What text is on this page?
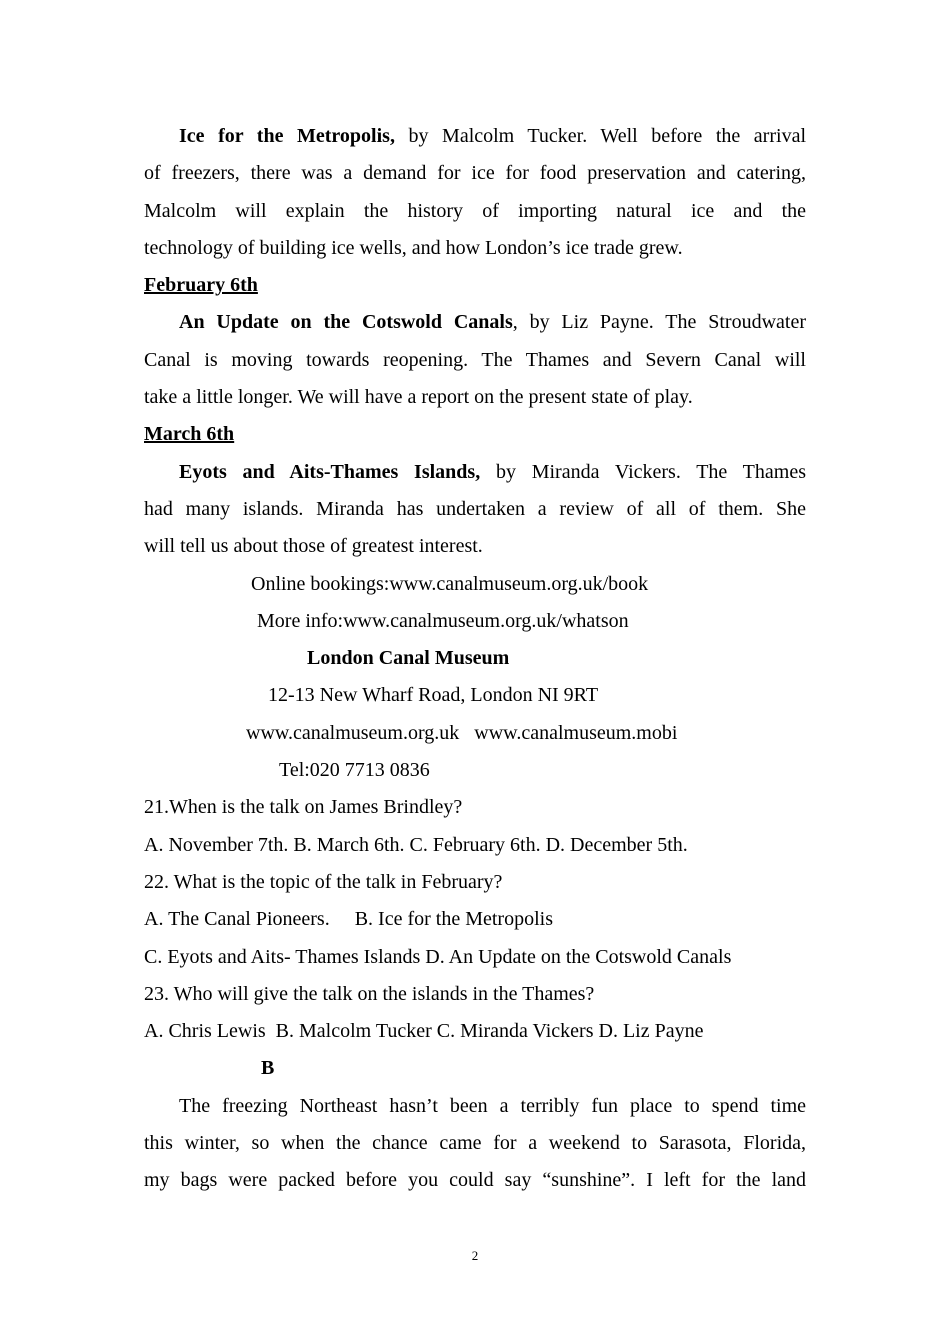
Ice for the Metropolis, by Malcolm Tucker. Well before the arrival
of freezers, there was a demand for ice for food preservation and catering,
Malcolm will explain the history of importing natural ice and the
technology of building ice wells, and how London’s ice trade grew.
February 6th
An Update on the Cotswold Canals, by Liz Payne. The Stroudwater
Canal is moving towards reopening. The Thames and Severn Canal will
take a little longer. We will have a report on the present state of play.
March 6th
Eyots and Aits-Thames Islands, by Miranda Vickers. The Thames
had many islands. Miranda has undertaken a review of all of them. She
will tell us about those of greatest interest.
Online bookings:www.canalmuseum.org.uk/book
More info:www.canalmuseum.org.uk/whatson
London Canal Museum
12-13 New Wharf Road, London NI 9RT
www.canalmuseum.org.uk   www.canalmuseum.mobi
Tel:020 7713 0836
21.When is the talk on James Brindley?
A. November 7th. B. March 6th. C. February 6th. D. December 5th.
22. What is the topic of the talk in February?
A. The Canal Pioneers.     B. Ice for the Metropolis
C. Eyots and Aits- Thames Islands D. An Update on the Cotswold Canals
23. Who will give the talk on the islands in the Thames?
A. Chris Lewis  B. Malcolm Tucker C. Miranda Vickers D. Liz Payne
B
The freezing Northeast hasn’t been a terribly fun place to spend time
this winter, so when the chance came for a weekend to Sarasota, Florida,
my bags were packed before you could say “sunshine”. I left for the land
2
